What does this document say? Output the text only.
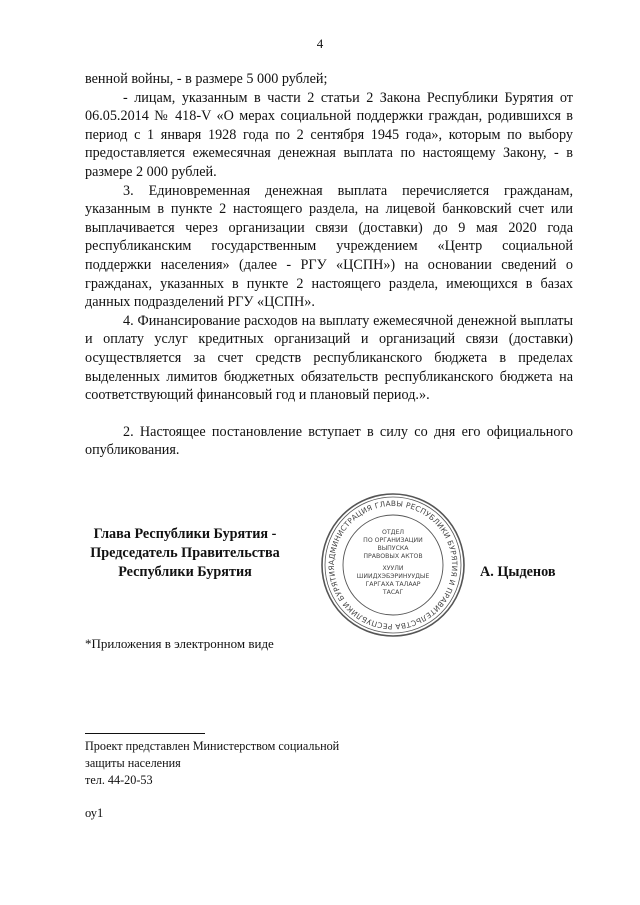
4

венной войны, - в размере 5 000 рублей;

- лицам, указанным в части 2 статьи 2 Закона Республики Бурятия от 06.05.2014 № 418-V «О мерах социальной поддержки граждан, родившихся в период с 1 января 1928 года по 2 сентября 1945 года», которым по выбору предоставляется ежемесячная денежная выплата по настоящему Закону, - в размере 2 000 рублей.

3. Единовременная денежная выплата перечисляется гражданам, указанным в пункте 2 настоящего раздела, на лицевой банковский счет или выплачивается через организации связи (доставки) до 9 мая 2020 года республиканским государственным учреждением «Центр социальной поддержки населения» (далее - РГУ «ЦСПН») на основании сведений о гражданах, указанных в пункте 2 настоящего раздела, имеющихся в базах данных подразделений РГУ «ЦСПН».

4. Финансирование расходов на выплату ежемесячной денежной выплаты и оплату услуг кредитных организаций и организаций связи (доставки) осуществляется за счет средств республиканского бюджета в пределах выделенных лимитов бюджетных обязательств республиканского бюджета на соответствующий финансовый год и плановый период.».

2. Настоящее постановление вступает в силу со дня его официального опубликования.

Глава Республики Бурятия -
Председатель Правительства
Республики Бурятия
АДМИНИСТРАЦИЯ ГЛАВЫ РЕСПУБЛИКИ БУРЯТИЯ И ПРАВИТЕЛЬСТВА РЕСПУБЛИКИ БУРЯТИЯ
ОТДЕЛ
ПО ОРГАНИЗАЦИИ
ВЫПУСКА
ПРАВОВЫХ АКТОВ
ХУУЛИ
ШИИДХЭБЭРИНУУДЫЕ
ГАРГАХА ТАЛААР
ТАСАГ
А. Цыденов
*Приложения в электронном виде
Проект представлен Министерством социальной
защиты населения
тел. 44-20-53
оу1
